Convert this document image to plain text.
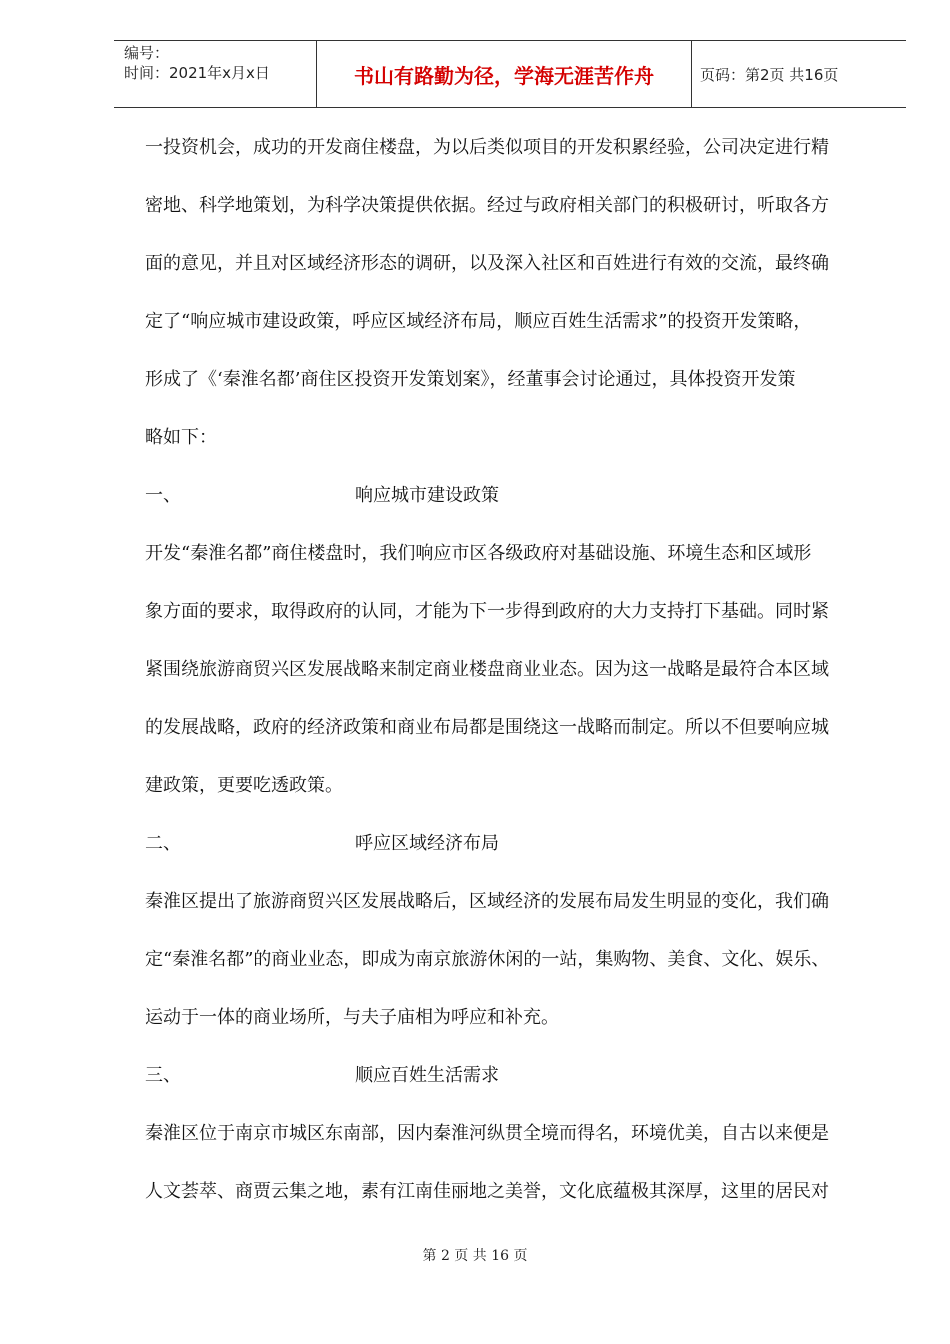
编号：
时间：2021年x月x日	书山有路勤为径，学海无涯苦作舟	页码：第2页 共16页
一投资机会，成功的开发商住楼盘，为以后类似项目的开发积累经验，公司决定进行精
密地、科学地策划，为科学决策提供依据。经过与政府相关部门的积极研讨，听取各方
面的意见，并且对区域经济形态的调研，以及深入社区和百姓进行有效的交流，最终确
定了“响应城市建设政策，呼应区域经济布局，顺应百姓生活需求”的投资开发策略，
形成了《‘秦淮名都’商住区投资开发策划案》，经董事会讨论通过，具体投资开发策
略如下：
一、	响应城市建设政策
开发“秦淮名都”商住楼盘时，我们响应市区各级政府对基础设施、环境生态和区域形
象方面的要求，取得政府的认同，才能为下一步得到政府的大力支持打下基础。同时紧
紧围绕旅游商贸兴区发展战略来制定商业楼盘商业业态。因为这一战略是最符合本区域
的发展战略，政府的经济政策和商业布局都是围绕这一战略而制定。所以不但要响应城
建政策，更要吃透政策。
二、	呼应区域经济布局
秦淮区提出了旅游商贸兴区发展战略后，区域经济的发展布局发生明显的变化，我们确
定“秦淮名都”的商业业态，即成为南京旅游休闲的一站，集购物、美食、文化、娱乐、
运动于一体的商业场所，与夫子庙相为呼应和补充。
三、	顺应百姓生活需求
秦淮区位于南京市城区东南部，因内秦淮河纵贯全境而得名，环境优美，自古以来便是
人文荟萃、商贾云集之地，素有江南佳丽地之美誉，文化底蕴极其深厚，这里的居民对
第 2 页 共 16 页
